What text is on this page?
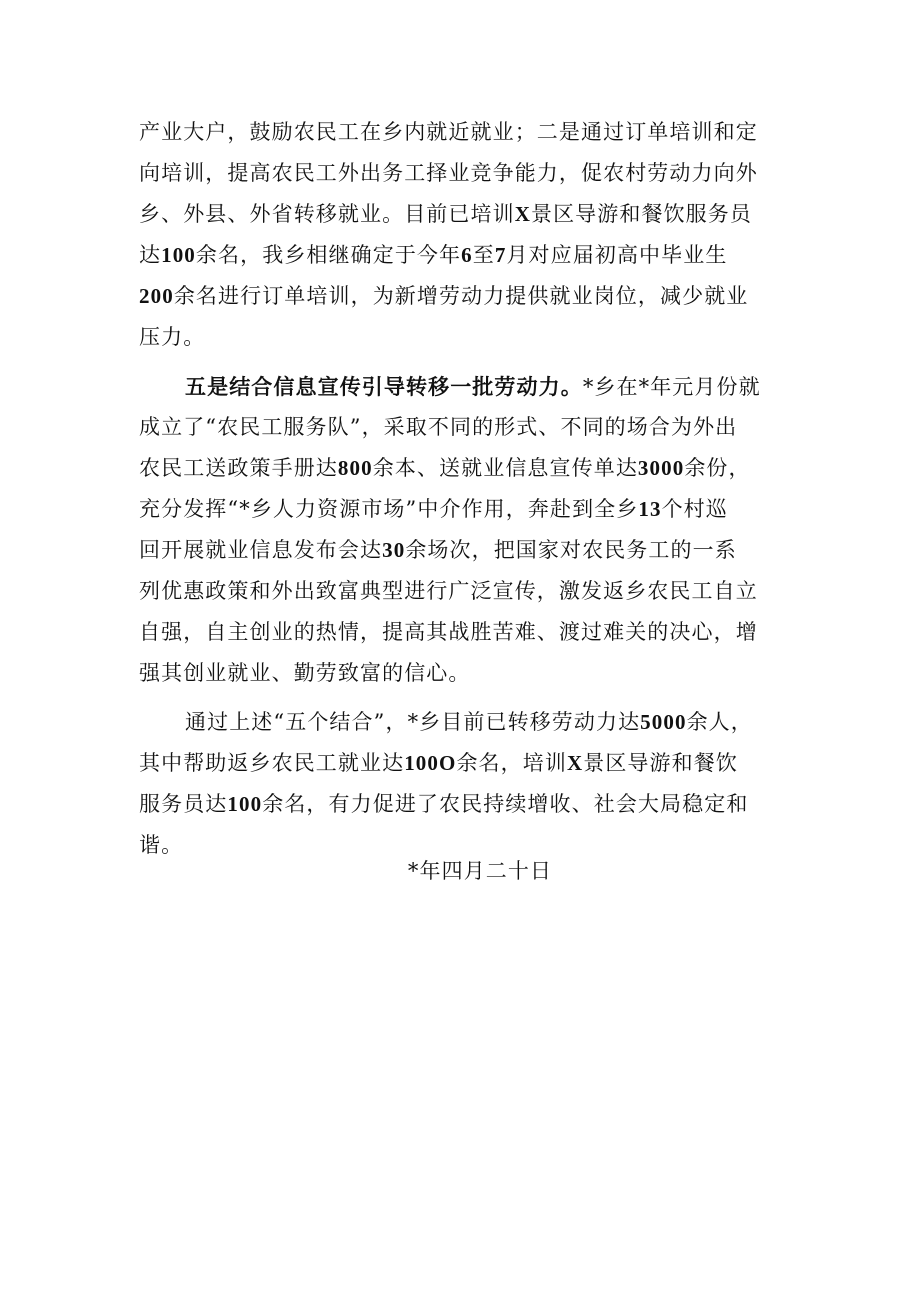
产业大户，鼓励农民工在乡内就近就业；二是通过订单培训和定
向培训，提高农民工外出务工择业竞争能力，促农村劳动力向外
乡、外县、外省转移就业。目前已培训X景区导游和餐饮服务员
达100余名，我乡相继确定于今年6至7月对应届初高中毕业生
200余名进行订单培训，为新增劳动力提供就业岗位，减少就业
压力。
五是结合信息宣传引导转移一批劳动力。*乡在*年元月份就
成立了“农民工服务队”，采取不同的形式、不同的场合为外出
农民工送政策手册达800余本、送就业信息宣传单达3000余份，
充分发挥“*乡人力资源市场”中介作用，奔赴到全乡13个村巡
回开展就业信息发布会达30余场次，把国家对农民务工的一系
列优惠政策和外出致富典型进行广泛宣传，激发返乡农民工自立
自强，自主创业的热情，提高其战胜苦难、渡过难关的决心，增
强其创业就业、勤劳致富的信心。
通过上述“五个结合”，*乡目前已转移劳动力达5000余人，
其中帮助返乡农民工就业达100O余名，培训X景区导游和餐饮
服务员达100余名，有力促进了农民持续增收、社会大局稳定和
谐。
*年四月二十日
